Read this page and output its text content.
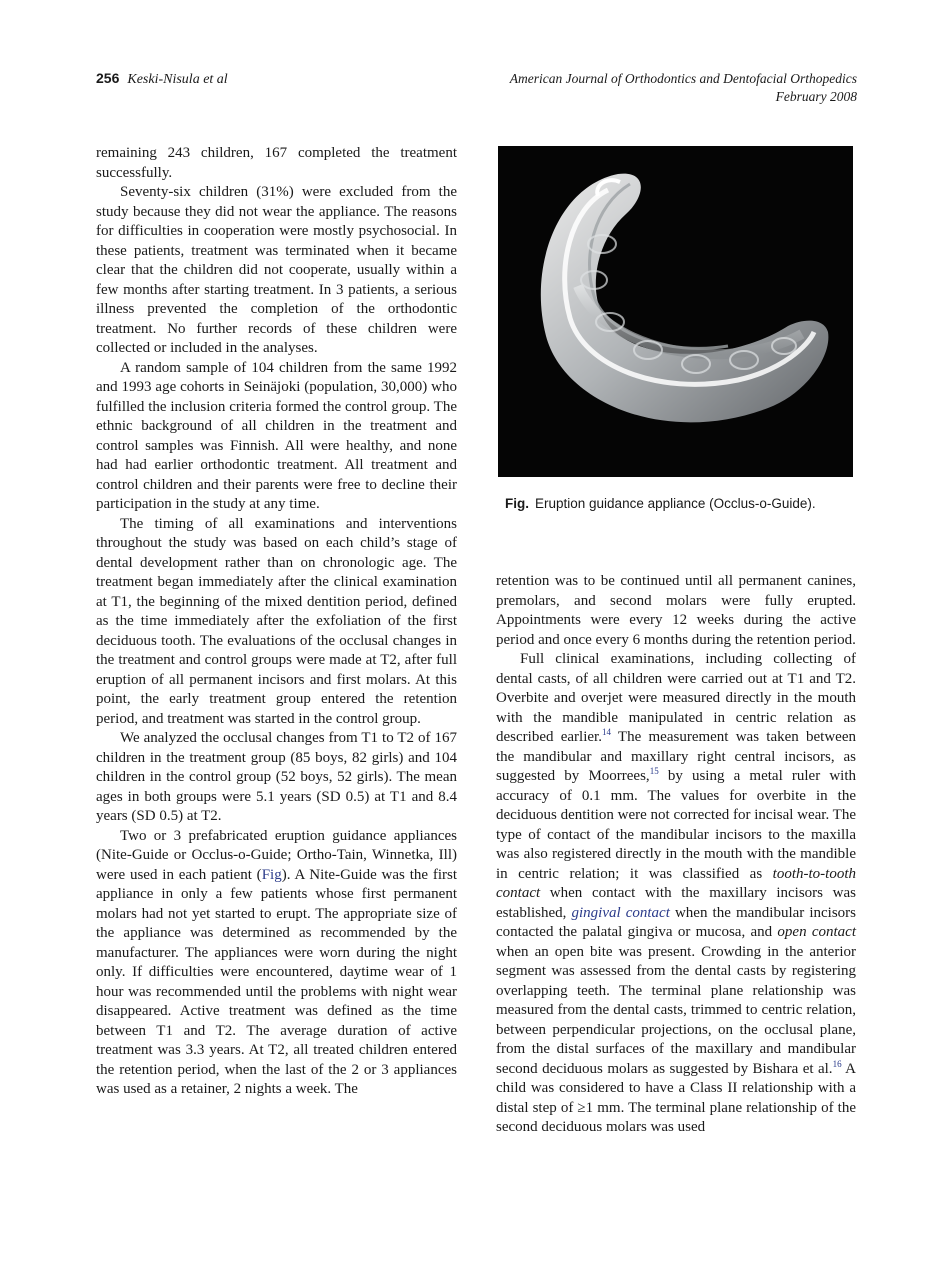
256 Keski-Nisula et al	American Journal of Orthodontics and Dentofacial Orthopedics
February 2008

remaining 243 children, 167 completed the treatment successfully.

Seventy-six children (31%) were excluded from the study because they did not wear the appliance. The reasons for difficulties in cooperation were mostly psychosocial. In these patients, treatment was terminated when it became clear that the children did not cooperate, usually within a few months after starting treatment. In 3 patients, a serious illness prevented the completion of the orthodontic treatment. No further records of these children were collected or included in the analyses.

A random sample of 104 children from the same 1992 and 1993 age cohorts in Seinäjoki (population, 30,000) who fulfilled the inclusion criteria formed the control group. The ethnic background of all children in the treatment and control samples was Finnish. All were healthy, and none had had earlier orthodontic treatment. All treatment and control children and their parents were free to decline their participation in the study at any time.

The timing of all examinations and interventions throughout the study was based on each child’s stage of dental development rather than on chronologic age. The treatment began immediately after the clinical examination at T1, the beginning of the mixed dentition period, defined as the time immediately after the exfoliation of the first deciduous tooth. The evaluations of the occlusal changes in the treatment and control groups were made at T2, after full eruption of all permanent incisors and first molars. At this point, the early treatment group entered the retention period, and treatment was started in the control group.

We analyzed the occlusal changes from T1 to T2 of 167 children in the treatment group (85 boys, 82 girls) and 104 children in the control group (52 boys, 52 girls). The mean ages in both groups were 5.1 years (SD 0.5) at T1 and 8.4 years (SD 0.5) at T2.

Two or 3 prefabricated eruption guidance appliances (Nite-Guide or Occlus-o-Guide; Ortho-Tain, Winnetka, Ill) were used in each patient (Fig). A Nite-Guide was the first appliance in only a few patients whose first permanent molars had not yet started to erupt. The appropriate size of the appliance was determined as recommended by the manufacturer. The appliances were worn during the night only. If difficulties were encountered, daytime wear of 1 hour was recommended until the problems with night wear disappeared. Active treatment was defined as the time between T1 and T2. The average duration of active treatment was 3.3 years. At T2, all treated children entered the retention period, when the last of the 2 or 3 appliances was used as a retainer, 2 nights a week. The

Fig. Eruption guidance appliance (Occlus-o-Guide).

retention was to be continued until all permanent canines, premolars, and second molars were fully erupted. Appointments were every 12 weeks during the active period and once every 6 months during the retention period.

Full clinical examinations, including collecting of dental casts, of all children were carried out at T1 and T2. Overbite and overjet were measured directly in the mouth with the mandible manipulated in centric relation as described earlier.$^{14}$ The measurement was taken between the mandibular and maxillary right central incisors, as suggested by Moorrees,$^{15}$ by using a metal ruler with accuracy of 0.1 mm. The values for overbite in the deciduous dentition were not corrected for incisal wear. The type of contact of the mandibular incisors to the maxilla was also registered directly in the mouth with the mandible in centric relation; it was classified as tooth-to-tooth contact when contact with the maxillary incisors was established, gingival contact when the mandibular incisors contacted the palatal gingiva or mucosa, and open contact when an open bite was present. Crowding in the anterior segment was assessed from the dental casts by registering overlapping teeth. The terminal plane relationship was measured from the dental casts, trimmed to centric relation, between perpendicular projections, on the occlusal plane, from the distal surfaces of the maxillary and mandibular second deciduous molars as suggested by Bishara et al.$^{16}$ A child was considered to have a Class II relationship with a distal step of ≥1 mm. The terminal plane relationship of the second deciduous molars was used
